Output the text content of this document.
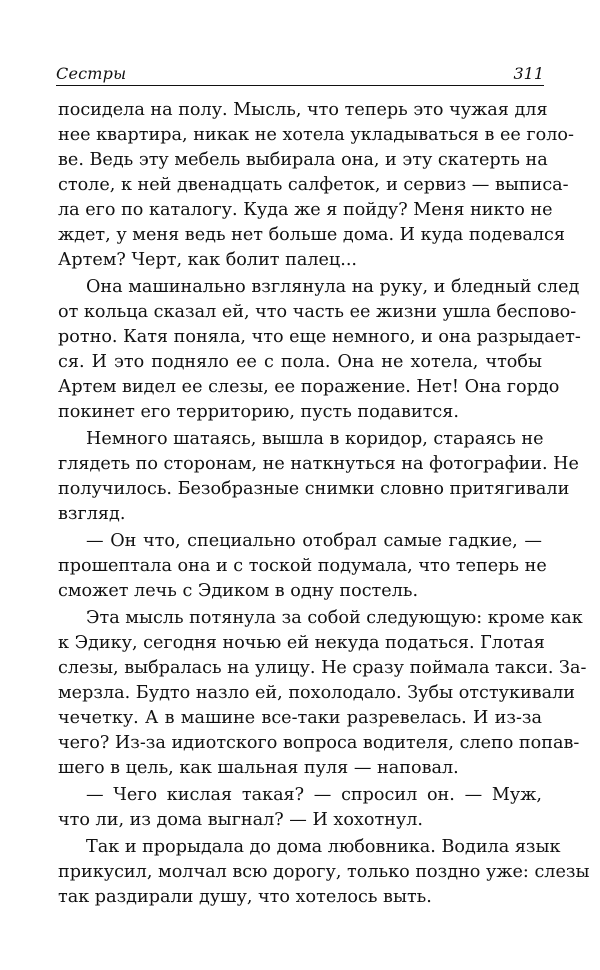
Сестры	311
посидела на полу. Мысль, что теперь это чужая для
нее квартира, никак не хотела укладываться в ее голо-
ве. Ведь эту мебель выбирала она, и эту скатерть на
столе, к ней двенадцать салфеток, и сервиз — выписа-
ла его по каталогу. Куда же я пойду? Меня никто не
ждет, у меня ведь нет больше дома. И куда подевался
Артем? Черт, как болит палец...
Она машинально взглянула на руку, и бледный след
от кольца сказал ей, что часть ее жизни ушла бесповo-
ротно. Катя поняла, что еще немного, и она разрыдает-
ся. И это подняло ее с пола. Она не хотела, чтобы
Артем видел ее слезы, ее поражение. Нет! Она гордо
покинет его территорию, пусть подавится.
Немного шатаясь, вышла в коридор, стараясь не
глядеть по сторонам, не наткнуться на фотографии. Не
получилось. Безобразные снимки словно притягивали
взгляд.
— Он что, специально отобрал самые гадкие, —
прошептала она и с тоской подумала, что теперь не
сможет лечь с Эдиком в одну постель.
Эта мысль потянула за собой следующую: кроме как
к Эдику, сегодня ночью ей некуда податься. Глотая
слезы, выбралась на улицу. Не сразу поймала такси. За-
мерзла. Будто назло ей, похолодало. Зубы отстукивали
чечетку. А в машине все-таки разревелась. И из-за
чего? Из-за идиотского вопроса водителя, слепо попав-
шего в цель, как шальная пуля — наповал.
— Чего кислая такая? — спросил он. — Муж,
что ли, из дома выгнал? — И хохотнул.
Так и прорыдала до дома любовника. Водила язык
прикусил, молчал всю дорогу, только поздно уже: слезы
так раздирали душу, что хотелось выть.
